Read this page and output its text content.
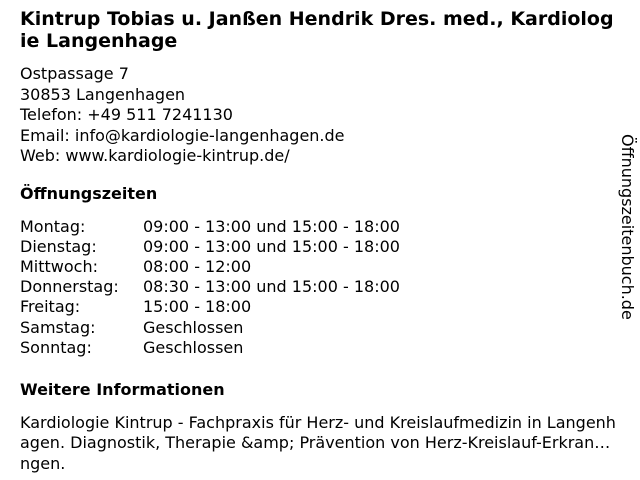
Kintrup Tobias u. Janßen Hendrik Dres. med., Kardiologie Langenhage
Ostpassage 7
30853 Langenhagen
Telefon: +49 511 7241130
Email: info@kardiologie-langenhagen.de
Web: www.kardiologie-kintrup.de/
Öffnungszeiten
Montag:	09:00 - 13:00 und 15:00 - 18:00
Dienstag:	09:00 - 13:00 und 15:00 - 18:00
Mittwoch:	08:00 - 12:00
Donnerstag:	08:30 - 13:00 und 15:00 - 18:00
Freitag:	15:00 - 18:00
Samstag:	Geschlossen
Sonntag:	Geschlossen
Weitere Informationen
Kardiologie Kintrup - Fachpraxis für Herz- und Kreislaufmedizin in Langenhagen. Diagnostik, Therapie &amp; Prävention von Herz-Kreislauf-Erkrankungen.
Öffnungszeitenbuch.de
